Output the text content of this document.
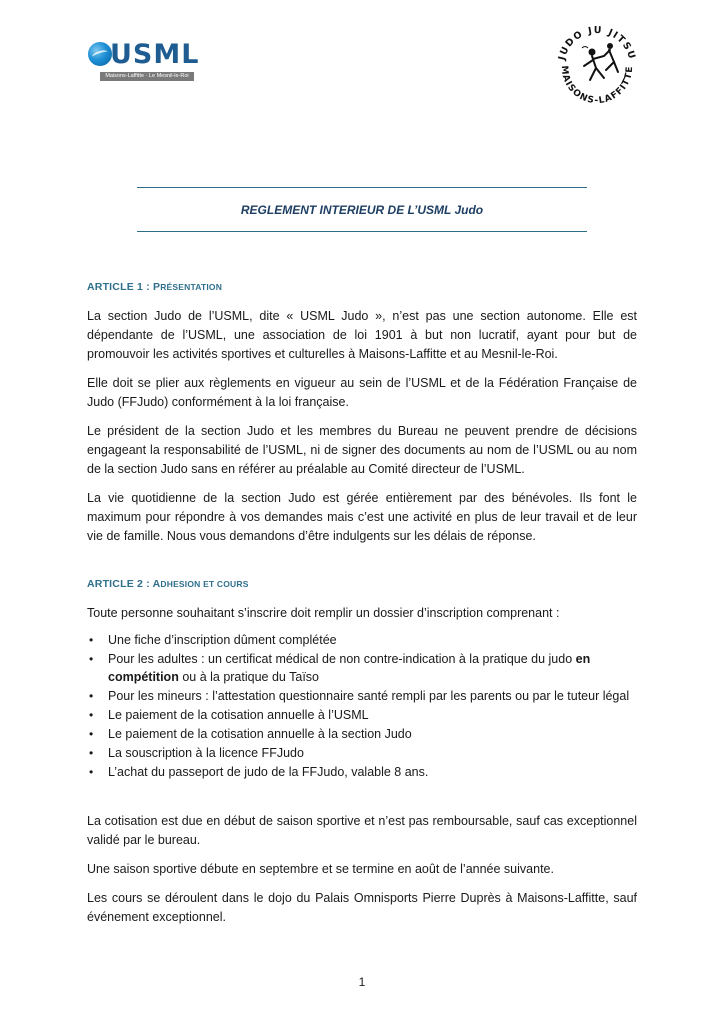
USML
Maisons-Laffitte · Le Mesnil-le-Roi
JUDO JU JITSU
MAISONS-LAFFITTE
REGLEMENT INTERIEUR DE L’USML Judo
ARTICLE 1 : PRÉSENTATION

La section Judo de l’USML, dite « USML Judo », n’est pas une section autonome. Elle est dépendante de l’USML, une association de loi 1901 à but non lucratif, ayant pour but de promouvoir les activités sportives et culturelles à Maisons-Laffitte et au Mesnil-le-Roi.

Elle doit se plier aux règlements en vigueur au sein de l’USML et de la Fédération Française de Judo (FFJudo) conformément à la loi française.

Le président de la section Judo et les membres du Bureau ne peuvent prendre de décisions engageant la responsabilité de l’USML, ni de signer des documents au nom de l’USML ou au nom de la section Judo sans en référer au préalable au Comité directeur de l’USML.

La vie quotidienne de la section Judo est gérée entièrement par des bénévoles. Ils font le maximum pour répondre à vos demandes mais c’est une activité en plus de leur travail et de leur vie de famille. Nous vous demandons d’être indulgents sur les délais de réponse.

ARTICLE 2 : ADHESION ET COURS

Toute personne souhaitant s’inscrire doit remplir un dossier d’inscription comprenant :

• Une fiche d’inscription dûment complétée
• Pour les adultes : un certificat médical de non contre-indication à la pratique du judo en compétition ou à la pratique du Taïso
• Pour les mineurs : l’attestation questionnaire santé rempli par les parents ou par le tuteur légal
• Le paiement de la cotisation annuelle à l’USML
• Le paiement de la cotisation annuelle à la section Judo
• La souscription à la licence FFJudo
• L’achat du passeport de judo de la FFJudo, valable 8 ans.

La cotisation est due en début de saison sportive et n’est pas remboursable, sauf cas exceptionnel validé par le bureau.

Une saison sportive débute en septembre et se termine en août de l’année suivante.

Les cours se déroulent dans le dojo du Palais Omnisports Pierre Duprès à Maisons-Laffitte, sauf événement exceptionnel.

1
